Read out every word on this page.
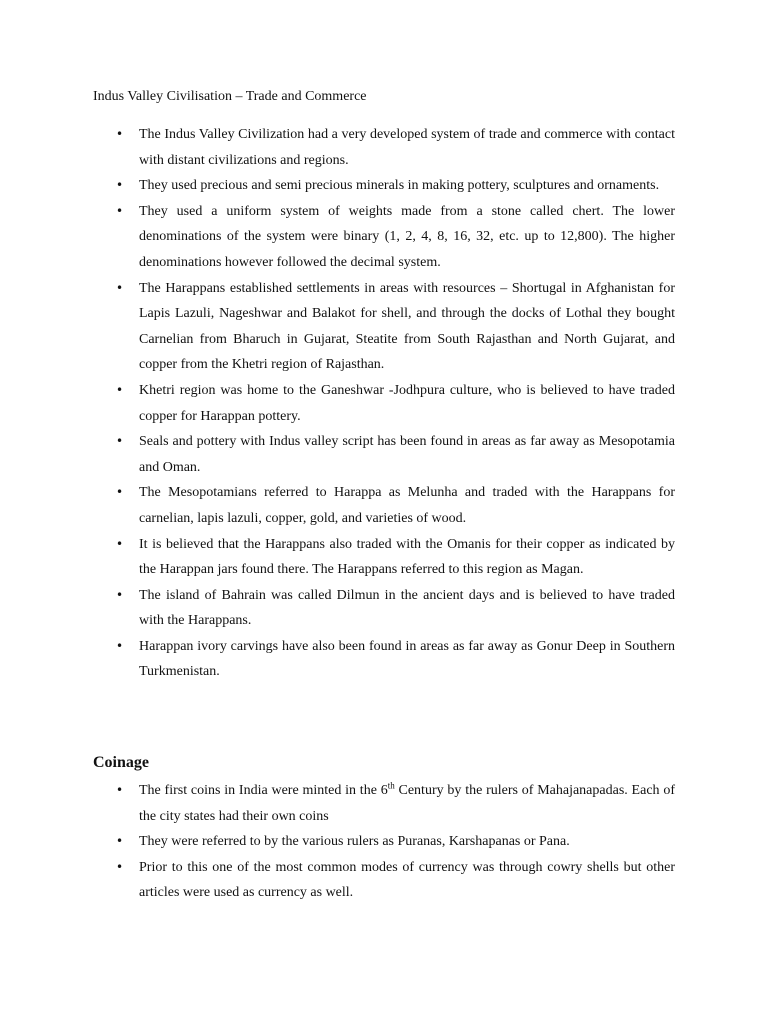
Indus Valley Civilisation – Trade and Commerce
• The Indus Valley Civilization had a very developed system of trade and commerce with contact with distant civilizations and regions.
• They used precious and semi precious minerals in making pottery, sculptures and ornaments.
• They used a uniform system of weights made from a stone called chert. The lower denominations of the system were binary (1, 2, 4, 8, 16, 32, etc. up to 12,800). The higher denominations however followed the decimal system.
• The Harappans established settlements in areas with resources – Shortugal in Afghanistan for Lapis Lazuli, Nageshwar and Balakot for shell, and through the docks of Lothal they bought Carnelian from Bharuch in Gujarat, Steatite from South Rajasthan and North Gujarat, and copper from the Khetri region of Rajasthan.
• Khetri region was home to the Ganeshwar -Jodhpura culture, who is believed to have traded copper for Harappan pottery.
• Seals and pottery with Indus valley script has been found in areas as far away as Mesopotamia and Oman.
• The Mesopotamians referred to Harappa as Melunha and traded with the Harappans for carnelian, lapis lazuli, copper, gold, and varieties of wood.
• It is believed that the Harappans also traded with the Omanis for their copper as indicated by the Harappan jars found there. The Harappans referred to this region as Magan.
• The island of Bahrain was called Dilmun in the ancient days and is believed to have traded with the Harappans.
• Harappan ivory carvings have also been found in areas as far away as Gonur Deep in Southern Turkmenistan.
Coinage
• The first coins in India were minted in the 6th Century by the rulers of Mahajanapadas. Each of the city states had their own coins
• They were referred to by the various rulers as Puranas, Karshapanas or Pana.
• Prior to this one of the most common modes of currency was through cowry shells but other articles were used as currency as well.
